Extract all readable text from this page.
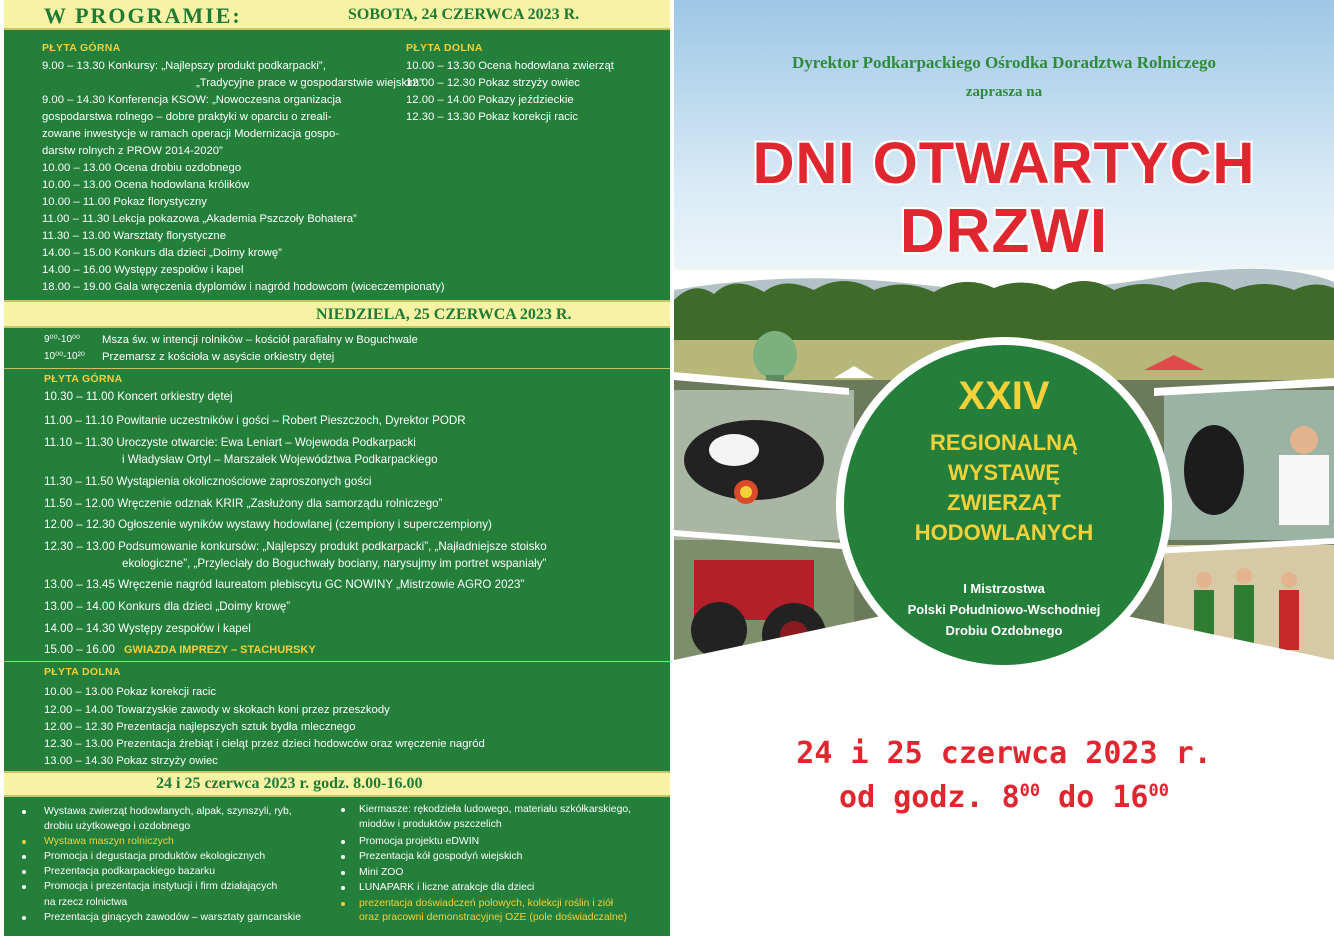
W PROGRAMIE:	SOBOTA, 24 CZERWCA 2023 R.
PŁYTA GÓRNA
9.00 – 13.30 Konkursy: „Najlepszy produkt podkarpacki”,
„Tradycyjne prace w gospodarstwie wiejskim”
9.00 – 14.30 Konferencja KSOW: „Nowoczesna organizacja
gospodarstwa rolnego – dobre praktyki w oparciu o zreali-
zowane inwestycje w ramach operacji Modernizacja gospo-
darstw rolnych z PROW 2014-2020”
10.00 – 13.00 Ocena drobiu ozdobnego
10.00 – 13.00 Ocena hodowlana królików
10.00 – 11.00 Pokaz florystyczny
11.00 – 11.30 Lekcja pokazowa „Akademia Pszczoły Bohatera”
11.30 – 13.00 Warsztaty florystyczne
14.00 – 15.00 Konkurs dla dzieci „Doimy krowę”
14.00 – 16.00 Występy zespołów i kapel
18.00 – 19.00 Gala wręczenia dyplomów i nagród hodowcom (wiceczempionaty)
PŁYTA DOLNA
10.00 – 13.30 Ocena hodowlana zwierząt
12.00 – 12.30 Pokaz strzyży owiec
12.00 – 14.00 Pokazy jeździeckie
12.30 – 13.30 Pokaz korekcji racic
NIEDZIELA, 25 CZERWCA 2023 R.
9⁰⁰-10⁰⁰ Msza św. w intencji rolników – kościół parafialny w Boguchwale
10⁰⁰-10²⁰ Przemarsz z kościoła w asyście orkiestry dętej
PŁYTA GÓRNA
10.30 – 11.00 Koncert orkiestry dętej
11.00 – 11.10 Powitanie uczestników i gości – Robert Pieszczoch, Dyrektor PODR
11.10 – 11.30 Uroczyste otwarcie: Ewa Leniart – Wojewoda Podkarpacki
i Władysław Ortyl – Marszałek Województwa Podkarpackiego
11.30 – 11.50 Wystąpienia okolicznościowe zaproszonych gości
11.50 – 12.00 Wręczenie odznak KRIR „Zasłużony dla samorządu rolniczego”
12.00 – 12.30 Ogłoszenie wyników wystawy hodowlanej (czempiony i superczempiony)
12.30 – 13.00 Podsumowanie konkursów: „Najlepszy produkt podkarpacki”, „Najładniejsze stoisko
ekologiczne”, „Przyleciały do Boguchwały bociany, narysujmy im portret wspaniały”
13.00 – 13.45 Wręczenie nagród laureatom plebiscytu GC NOWINY „Mistrzowie AGRO 2023”
13.00 – 14.00 Konkurs dla dzieci „Doimy krowę”
14.00 – 14.30 Występy zespołów i kapel
15.00 – 16.00 GWIAZDA IMPREZY – STACHURSKY
PŁYTA DOLNA
10.00 – 13.00 Pokaz korekcji racic
12.00 – 14.00 Towarzyskie zawody w skokach koni przez przeszkody
12.00 – 12.30 Prezentacja najlepszych sztuk bydła mlecznego
12.30 – 13.00 Prezentacja źrebiąt i cieląt przez dzieci hodowców oraz wręczenie nagród
13.00 – 14.30 Pokaz strzyży owiec
24 i 25 czerwca 2023 r. godz. 8.00-16.00
Wystawa zwierząt hodowlanych, alpak, szynszyli, ryb,
drobiu użytkowego i ozdobnego
Wystawa maszyn rolniczych
Promocja i degustacja produktów ekologicznych
Prezentacja podkarpackiego bazarku
Promocja i prezentacja instytucji i firm działających
na rzecz rolnictwa
Prezentacja ginących zawodów – warsztaty garncarskie
Kiermasze: rękodzieła ludowego, materiału szkółkarskiego,
miodów i produktów pszczelich
Promocja projektu eDWIN
Prezentacja kół gospodyń wiejskich
Mini ZOO
LUNAPARK i liczne atrakcje dla dzieci
prezentacja doświadczeń polowych, kolekcji roślin i ziół
oraz pracowni demonstracyjnej OZE (pole doświadczalne)
Dyrektor Podkarpackiego Ośrodka Doradztwa Rolniczego
zaprasza na
DNI OTWARTYCH
DRZWI
XXIV
REGIONALNĄ
WYSTAWĘ
ZWIERZĄT
HODOWLANYCH
I Mistrzostwa
Polski Południowo-Wschodniej
Drobiu Ozdobnego
24 i 25 czerwca 2023 r.
od godz. $8^{00}$ do $16^{00}$
